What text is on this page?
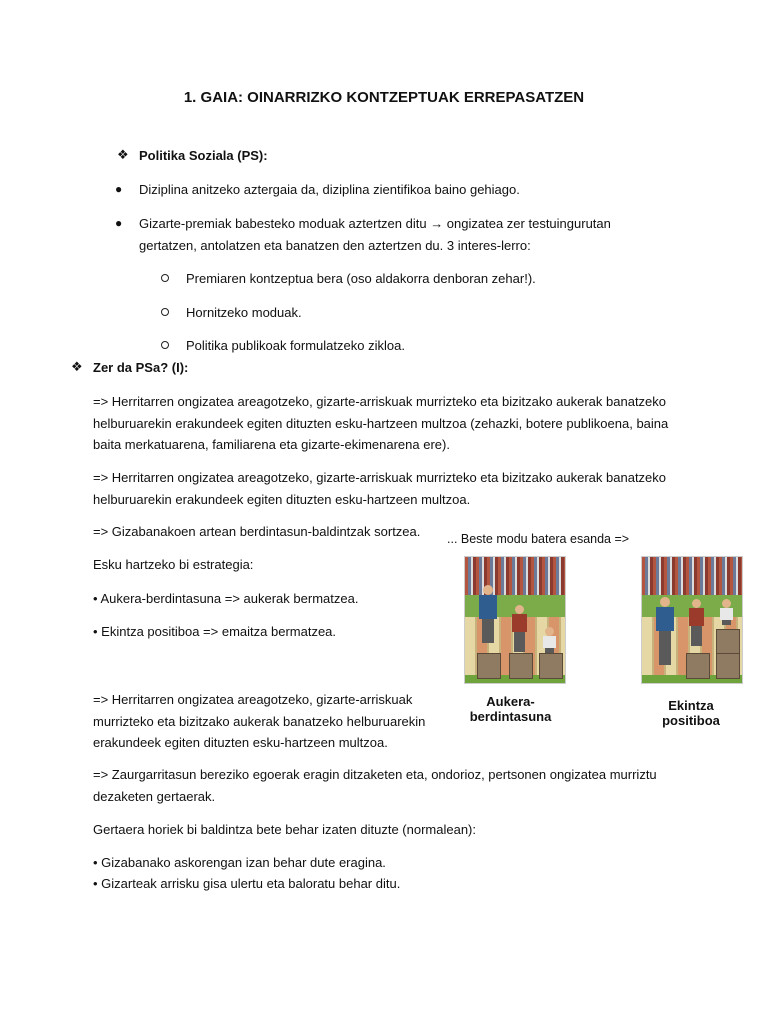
1. GAIA: OINARRIZKO KONTZEPTUAK ERREPASATZEN
❖ Politika Soziala (PS):
● Diziplina anitzeko aztergaia da, diziplina zientifikoa baino gehiago.
● Gizarte-premiak babesteko moduak aztertzen ditu → ongizatea zer testuingurutan gertatzen, antolatzen eta banatzen den aztertzen du. 3 interes-lerro:
Premiaren kontzeptua bera (oso aldakorra denboran zehar!).
Hornitzeko moduak.
Politika publikoak formulatzeko zikloa.
❖ Zer da PSa? (I):
=> Herritarren ongizatea areagotzeko, gizarte-arriskuak murrizteko eta bizitzako aukerak banatzeko helburuarekin erakundeek egiten dituzten esku-hartzeen multzoa (zehazki, botere publikoena, baina baita merkatuarena, familiarena eta gizarte-ekimenarena ere).
=> Herritarren ongizatea areagotzeko, gizarte-arriskuak murrizteko eta bizitzako aukerak banatzeko helburuarekin erakundeek egiten dituzten esku-hartzeen multzoa.
=> Gizabanakoen artean berdintasun-baldintzak sortzea.
Esku hartzeko bi estrategia:
• Aukera-berdintasuna => aukerak bermatzea.
• Ekintza positiboa => emaitza bermatzea.
=> Herritarren ongizatea areagotzeko, gizarte-arriskuak murrizteko eta bizitzako aukerak banatzeko helburuarekin erakundeek egiten dituzten esku-hartzeen multzoa.
=> Zaurgarritasun bereziko egoerak eragin ditzaketen eta, ondorioz, pertsonen ongizatea murriztu dezaketen gertaerak.
Gertaera horiek bi baldintza bete behar izaten dituzte (normalean):
• Gizabanako askorengan izan behar dute eragina.
• Gizarteak arrisku gisa ulertu eta baloratu behar ditu.
... Beste modu batera esanda =>
Aukera-
berdintasuna
Ekintza
positiboa
